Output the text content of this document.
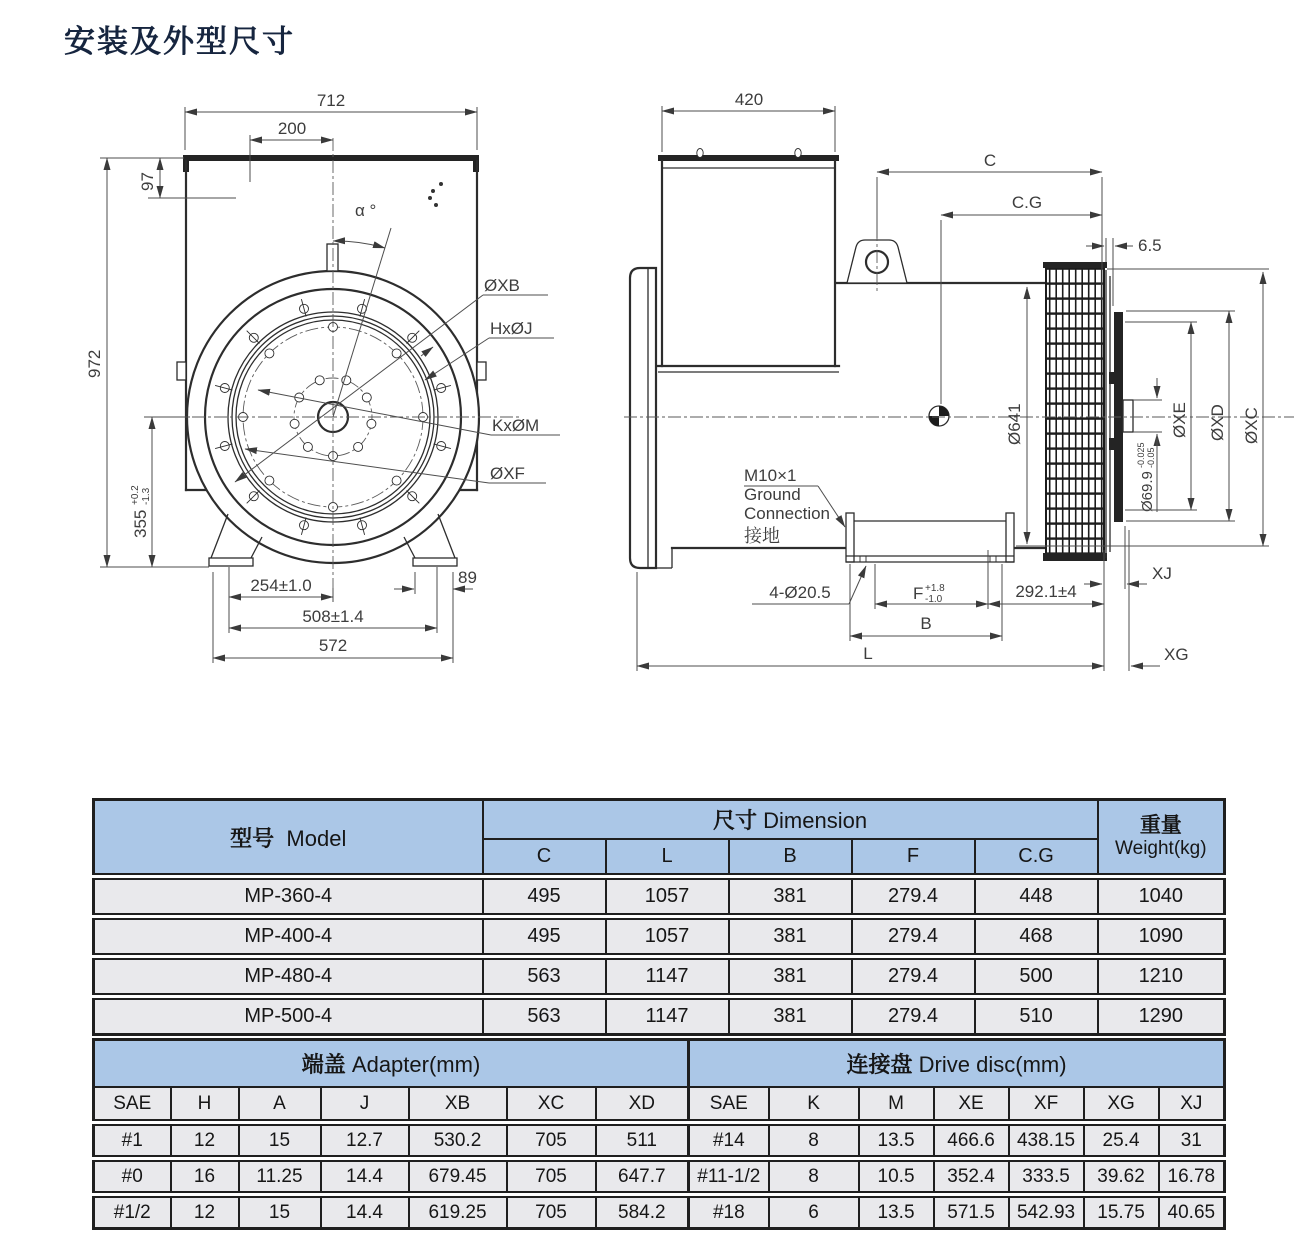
安装及外型尺寸
712
200
97
972
355
+0.2 -1.3
α °
254±1.0
508±1.4
572
89
ØXB
HxØJ
KxØM
ØXF
420
C
C.G
6.5
Ø641
Ø69.9
-0.025 -0.05
ØXE ØXD ØXC
XJ
F +1.8
-1.0	292.1±4
B
L	XG
4-Ø20.5
M10×1
Ground
Connection
接地
型号 Model	尺寸 Dimension					重量
Weight(kg)

	C	L	B	F	C.G	
MP-360-4	495	1057	381	279.4	448	1040
MP-400-4	495	1057	381	279.4	468	1090
MP-480-4	563	1147	381	279.4	500	1210
MP-500-4	563	1147	381	279.4	510	1290
端盖 Adapter(mm)							连接盘 Drive disc(mm)						
SAE	H	A	J	XB	XC	XD	SAE	K	M	XE	XF	XG	XJ
#1	12	15	12.7	530.2	705	511	#14	8	13.5	466.6	438.15	25.4	31
#0	16	11.25	14.4	679.45	705	647.7	#11-1/2	8	10.5	352.4	333.5	39.62	16.78
#1/2	12	15	14.4	619.25	705	584.2	#18	6	13.5	571.5	542.93	15.75	40.65
